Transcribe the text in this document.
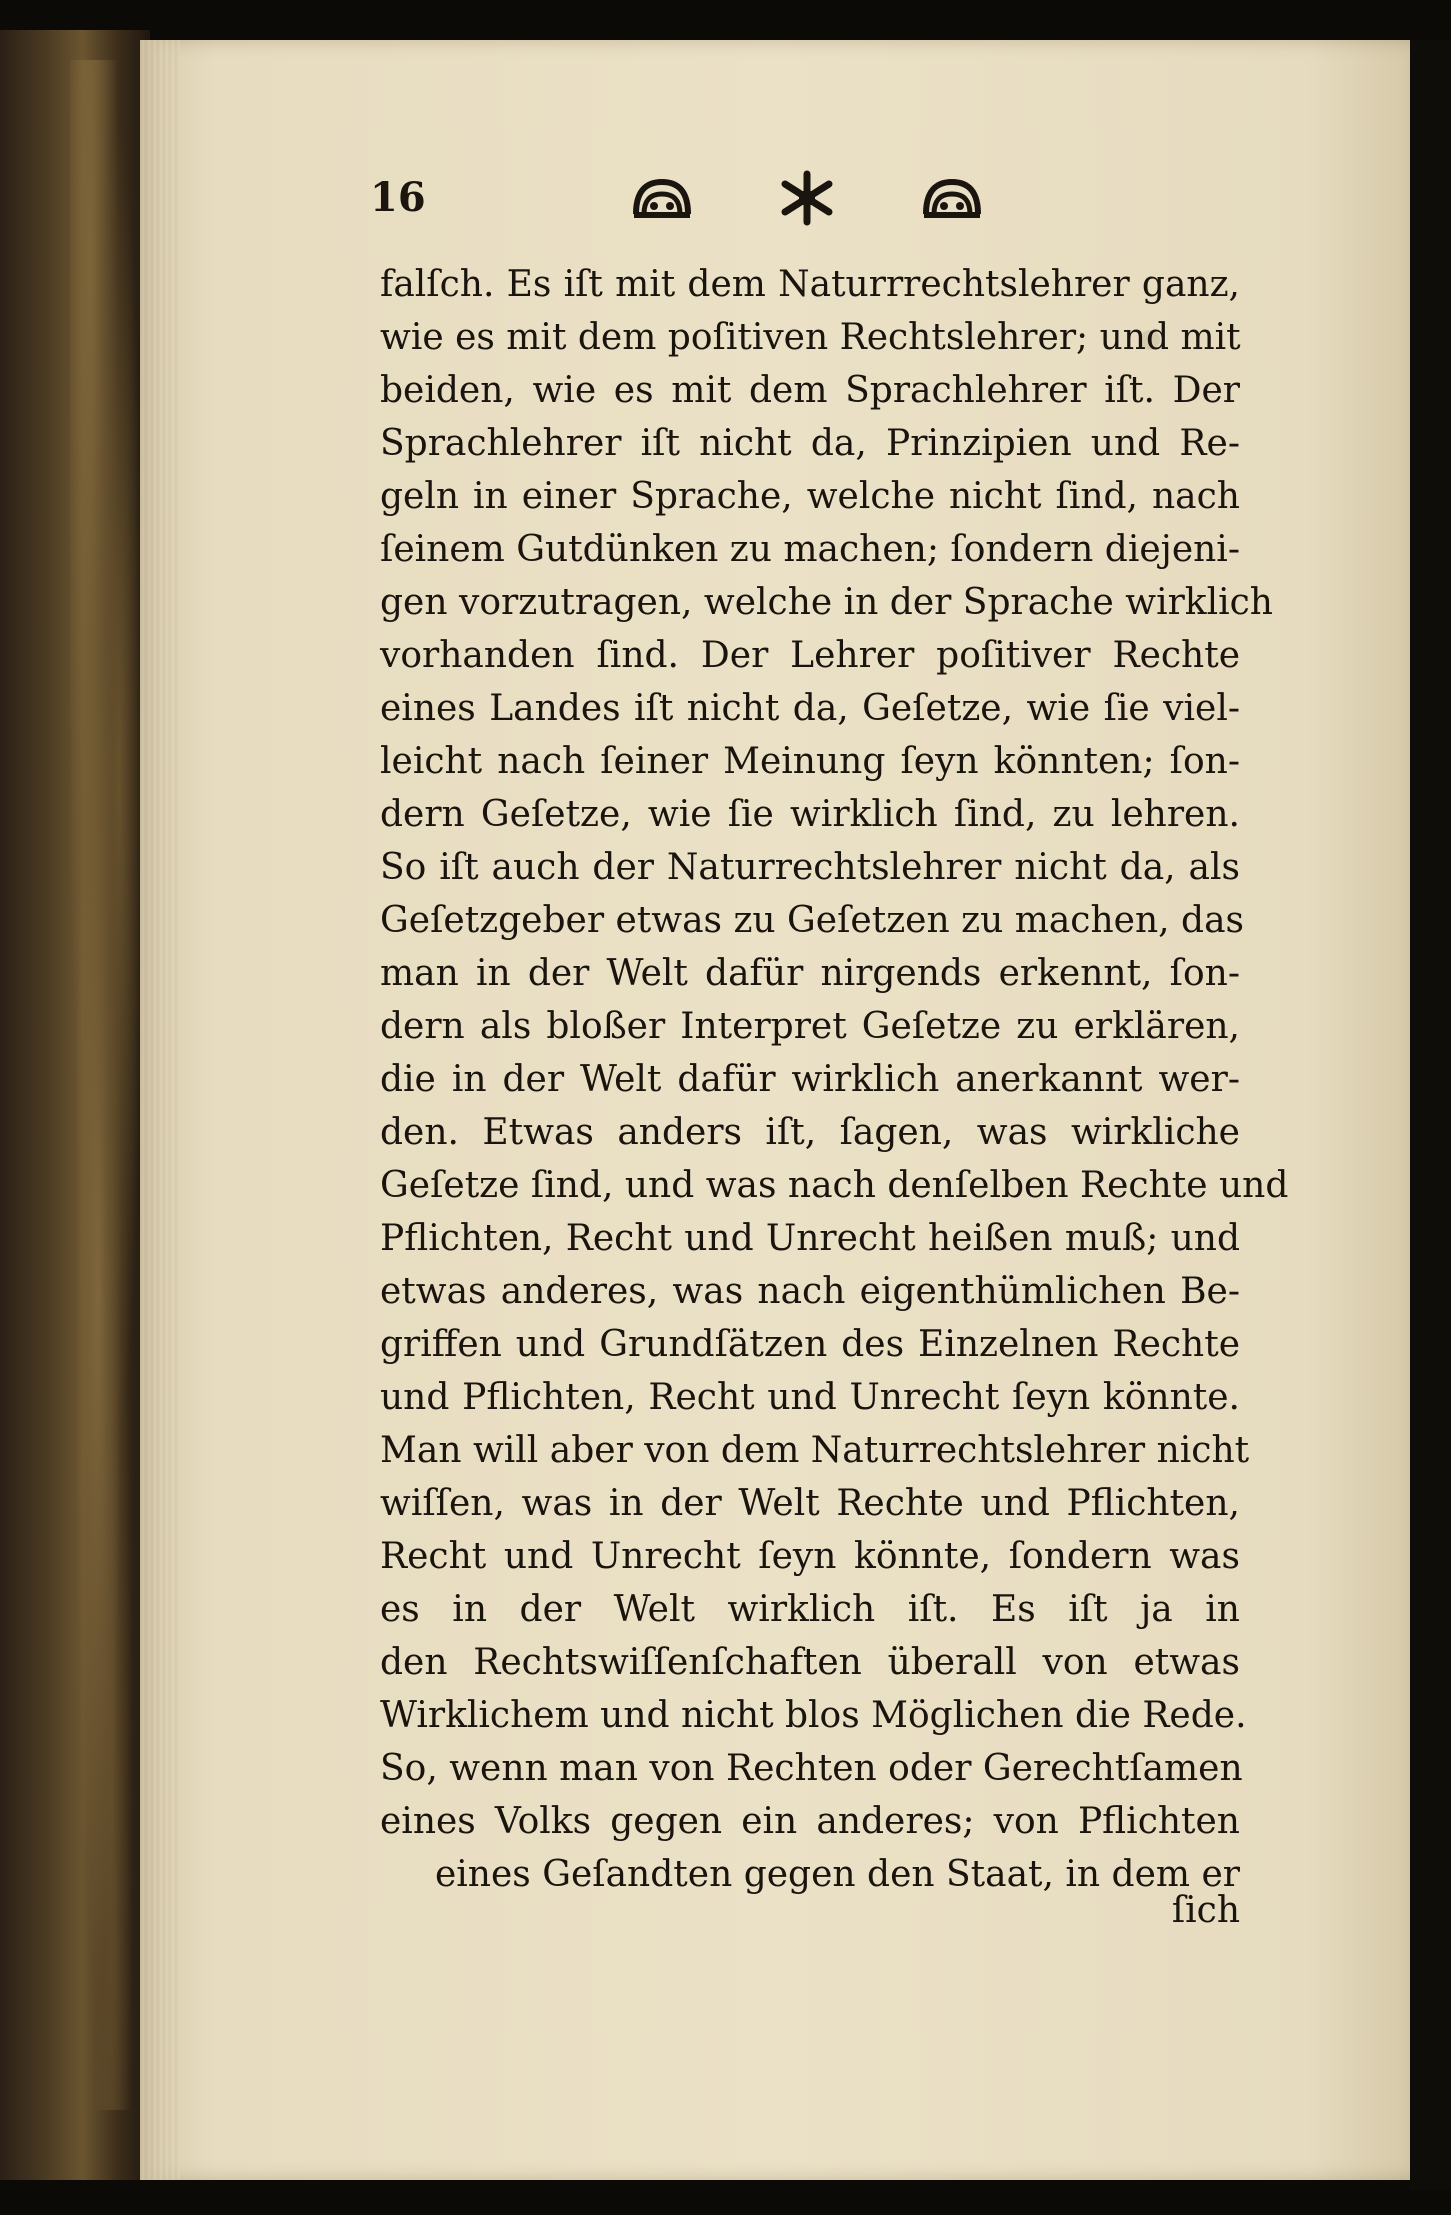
16
falſch. Es iſt mit dem Naturrrechtslehrer ganz,
wie es mit dem poſitiven Rechtslehrer; und mit
beiden, wie es mit dem Sprachlehrer iſt. Der
Sprachlehrer iſt nicht da, Prinzipien und Re-
geln in einer Sprache, welche nicht ſind, nach
ſeinem Gutdünken zu machen; ſondern diejeni-
gen vorzutragen, welche in der Sprache wirklich
vorhanden ſind. Der Lehrer poſitiver Rechte
eines Landes iſt nicht da, Geſetze, wie ſie viel-
leicht nach ſeiner Meinung ſeyn könnten; ſon-
dern Geſetze, wie ſie wirklich ſind, zu lehren.
So iſt auch der Naturrechtslehrer nicht da, als
Geſetzgeber etwas zu Geſetzen zu machen, das
man in der Welt dafür nirgends erkennt, ſon-
dern als bloßer Interpret Geſetze zu erklären,
die in der Welt dafür wirklich anerkannt wer-
den. Etwas anders iſt, ſagen, was wirkliche
Geſetze ſind, und was nach denſelben Rechte und
Pflichten, Recht und Unrecht heißen muß; und
etwas anderes, was nach eigenthümlichen Be-
griffen und Grundſätzen des Einzelnen Rechte
und Pflichten, Recht und Unrecht ſeyn könnte.
Man will aber von dem Naturrechtslehrer nicht
wiſſen, was in der Welt Rechte und Pflichten,
Recht und Unrecht ſeyn könnte, ſondern was
es in der Welt wirklich iſt. Es iſt ja in
den Rechtswiſſenſchaften überall von etwas
Wirklichem und nicht blos Möglichen die Rede.
So, wenn man von Rechten oder Gerechtſamen
eines Volks gegen ein anderes; von Pflichten
eines Geſandten gegen den Staat, in dem er
ſich
